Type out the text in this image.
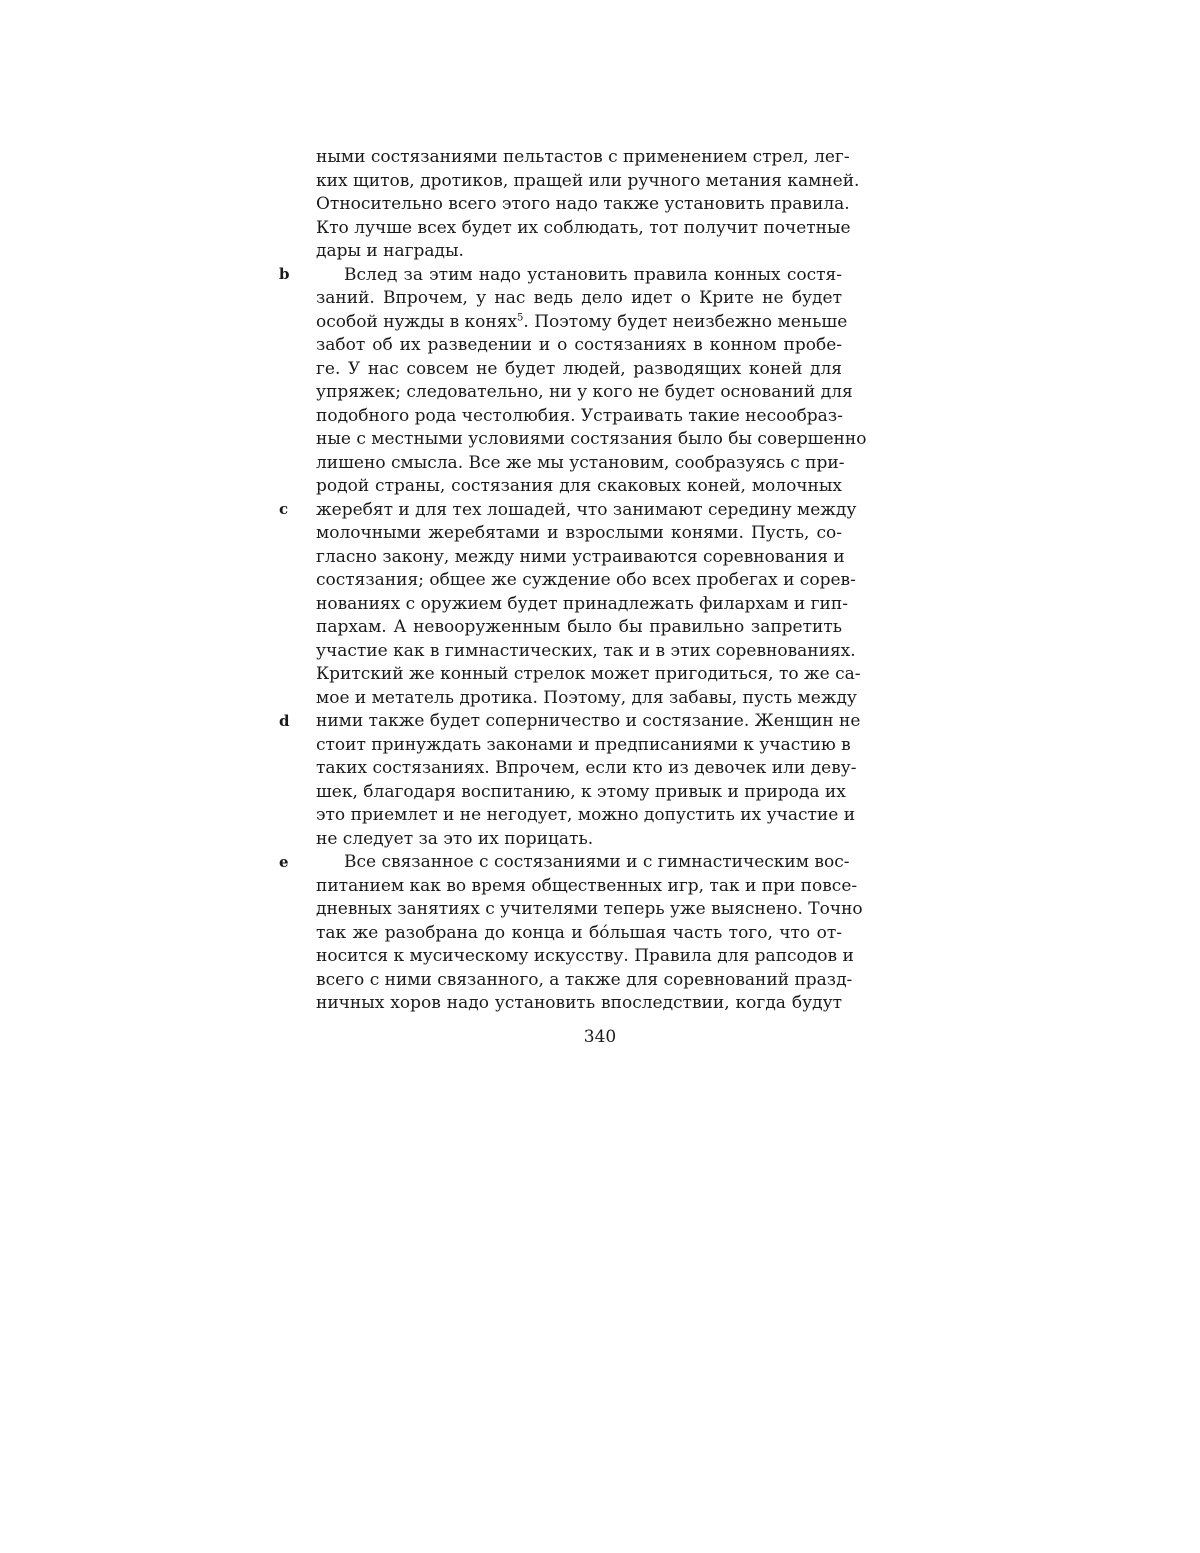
b
c
d
e
ными состязаниями пельтастов с применением стрел, лег-
ких щитов, дротиков, пращей или ручного метания камней.
Относительно всего этого надо также установить правила.
Кто лучше всех будет их соблюдать, тот получит почетные
дары и награды.
Вслед за этим надо установить правила конных состя-
заний. Впрочем, у нас ведь дело идет о Крите не будет
особой нужды в конях$^5$. Поэтому будет неизбежно меньше
забот об их разведении и о состязаниях в конном пробе-
ге. У нас совсем не будет людей, разводящих коней для
упряжек; следовательно, ни у кого не будет оснований для
подобного рода честолюбия. Устраивать такие несообраз-
ные с местными условиями состязания было бы совершенно
лишено смысла. Все же мы установим, сообразуясь с при-
родой страны, состязания для скаковых коней, молочных
жеребят и для тех лошадей, что занимают середину между
молочными жеребятами и взрослыми конями. Пусть, со-
гласно закону, между ними устраиваются соревнования и
состязания; общее же суждение обо всех пробегах и сорев-
нованиях с оружием будет принадлежать филархам и гип-
пархам. А невооруженным было бы правильно запретить
участие как в гимнастических, так и в этих соревнованиях.
Критский же конный стрелок может пригодиться, то же са-
мое и метатель дротика. Поэтому, для забавы, пусть между
ними также будет соперничество и состязание. Женщин не
стоит принуждать законами и предписаниями к участию в
таких состязаниях. Впрочем, если кто из девочек или деву-
шек, благодаря воспитанию, к этому привык и природа их
это приемлет и не негодует, можно допустить их участие и
не следует за это их порицать.
Все связанное с состязаниями и с гимнастическим вос-
питанием как во время общественных игр, так и при повсе-
дневных занятиях с учителями теперь уже выяснено. Точно
так же разобрана до конца и бо́льшая часть того, что от-
носится к мусическому искусству. Правила для рапсодов и
всего с ними связанного, а также для соревнований празд-
ничных хоров надо установить впоследствии, когда будут
340
